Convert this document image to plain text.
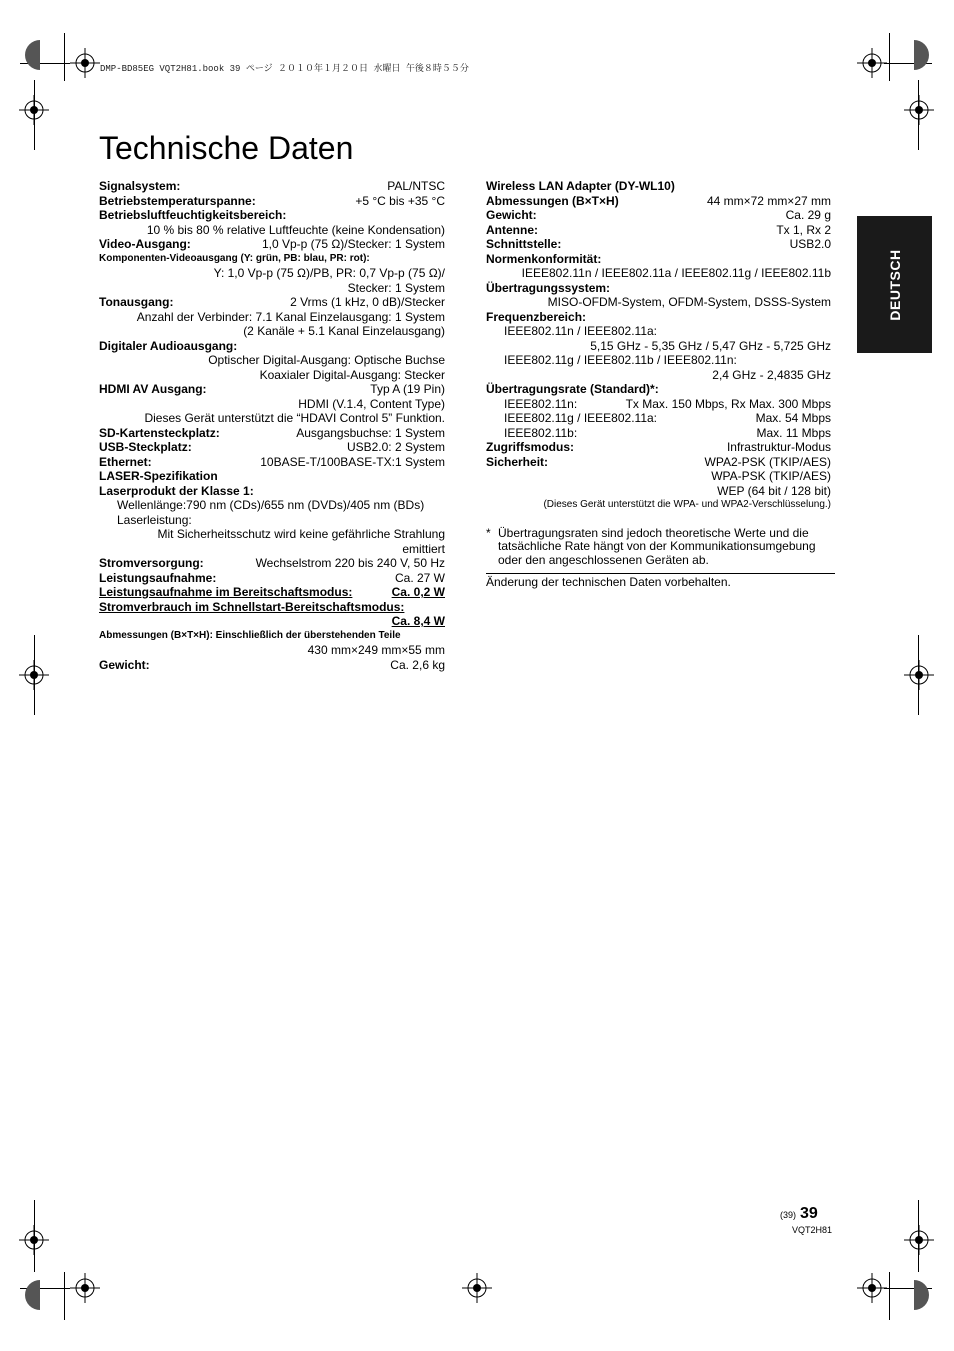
DMP-BD85EG VQT2H81.book 39 ページ ２０１０年１月２０日 水曜日 午後８時５５分
Technische Daten
DEUTSCH
Signalsystem:	PAL/NTSC
Betriebstemperaturspanne:	+5 °C bis +35 °C
Betriebsluftfeuchtigkeitsbereich:
10 % bis 80 % relative Luftfeuchte (keine Kondensation)
Video-Ausgang:	1,0 Vp-p (75 Ω)/Stecker: 1 System
Komponenten-Videoausgang (Y: grün, PB: blau, PR: rot):
Y: 1,0 Vp-p (75 Ω)/PB, PR: 0,7 Vp-p (75 Ω)/
Stecker: 1 System
Tonausgang:	2 Vrms (1 kHz, 0 dB)/Stecker
Anzahl der Verbinder: 7.1 Kanal Einzelausgang: 1 System
(2 Kanäle + 5.1 Kanal Einzelausgang)
Digitaler Audioausgang:
Optischer Digital-Ausgang: Optische Buchse
Koaxialer Digital-Ausgang: Stecker
HDMI AV Ausgang:	Typ A (19 Pin)
HDMI (V.1.4, Content Type)
Dieses Gerät unterstützt die “HDAVI Control 5” Funktion.
SD-Kartensteckplatz:	Ausgangsbuchse: 1 System
USB-Steckplatz:	USB2.0: 2 System
Ethernet:	10BASE-T/100BASE-TX:1 System
LASER-Spezifikation
Laserprodukt der Klasse 1:
Wellenlänge:790 nm (CDs)/655 nm (DVDs)/405 nm (BDs)
Laserleistung:
Mit Sicherheitsschutz wird keine gefährliche Strahlung
emittiert
Stromversorgung:	Wechselstrom 220 bis 240 V, 50 Hz
Leistungsaufnahme:	Ca. 27 W
Leistungsaufnahme im Bereitschaftsmodus:	Ca. 0,2 W
Stromverbrauch im Schnellstart-Bereitschaftsmodus:
Ca. 8,4 W
Abmessungen (B×T×H): Einschließlich der überstehenden Teile
430 mm×249 mm×55 mm
Gewicht:	Ca. 2,6 kg
Wireless LAN Adapter (DY-WL10)
Abmessungen (B×T×H)	44 mm×72 mm×27 mm
Gewicht:	Ca. 29 g
Antenne:	Tx 1, Rx 2
Schnittstelle:	USB2.0
Normenkonformität:
IEEE802.11n / IEEE802.11a / IEEE802.11g / IEEE802.11b
Übertragungssystem:
MISO-OFDM-System, OFDM-System, DSSS-System
Frequenzbereich:
IEEE802.11n / IEEE802.11a:
5,15 GHz - 5,35 GHz / 5,47 GHz - 5,725 GHz
IEEE802.11g / IEEE802.11b / IEEE802.11n:
2,4 GHz - 2,4835 GHz
Übertragungsrate (Standard)*:
IEEE802.11n:	Tx Max. 150 Mbps, Rx Max. 300 Mbps
IEEE802.11g / IEEE802.11a:	Max. 54 Mbps
IEEE802.11b:	Max. 11 Mbps
Zugriffsmodus:	Infrastruktur-Modus
Sicherheit:	WPA2-PSK (TKIP/AES)
WPA-PSK (TKIP/AES)
WEP (64 bit / 128 bit)
(Dieses Gerät unterstützt die WPA- und WPA2-Verschlüsselung.)
* Übertragungsraten sind jedoch theoretische Werte und die tatsächliche Rate hängt von der Kommunikationsumgebung oder den angeschlossenen Geräten ab.
Änderung der technischen Daten vorbehalten.
(39) 39
VQT2H81
